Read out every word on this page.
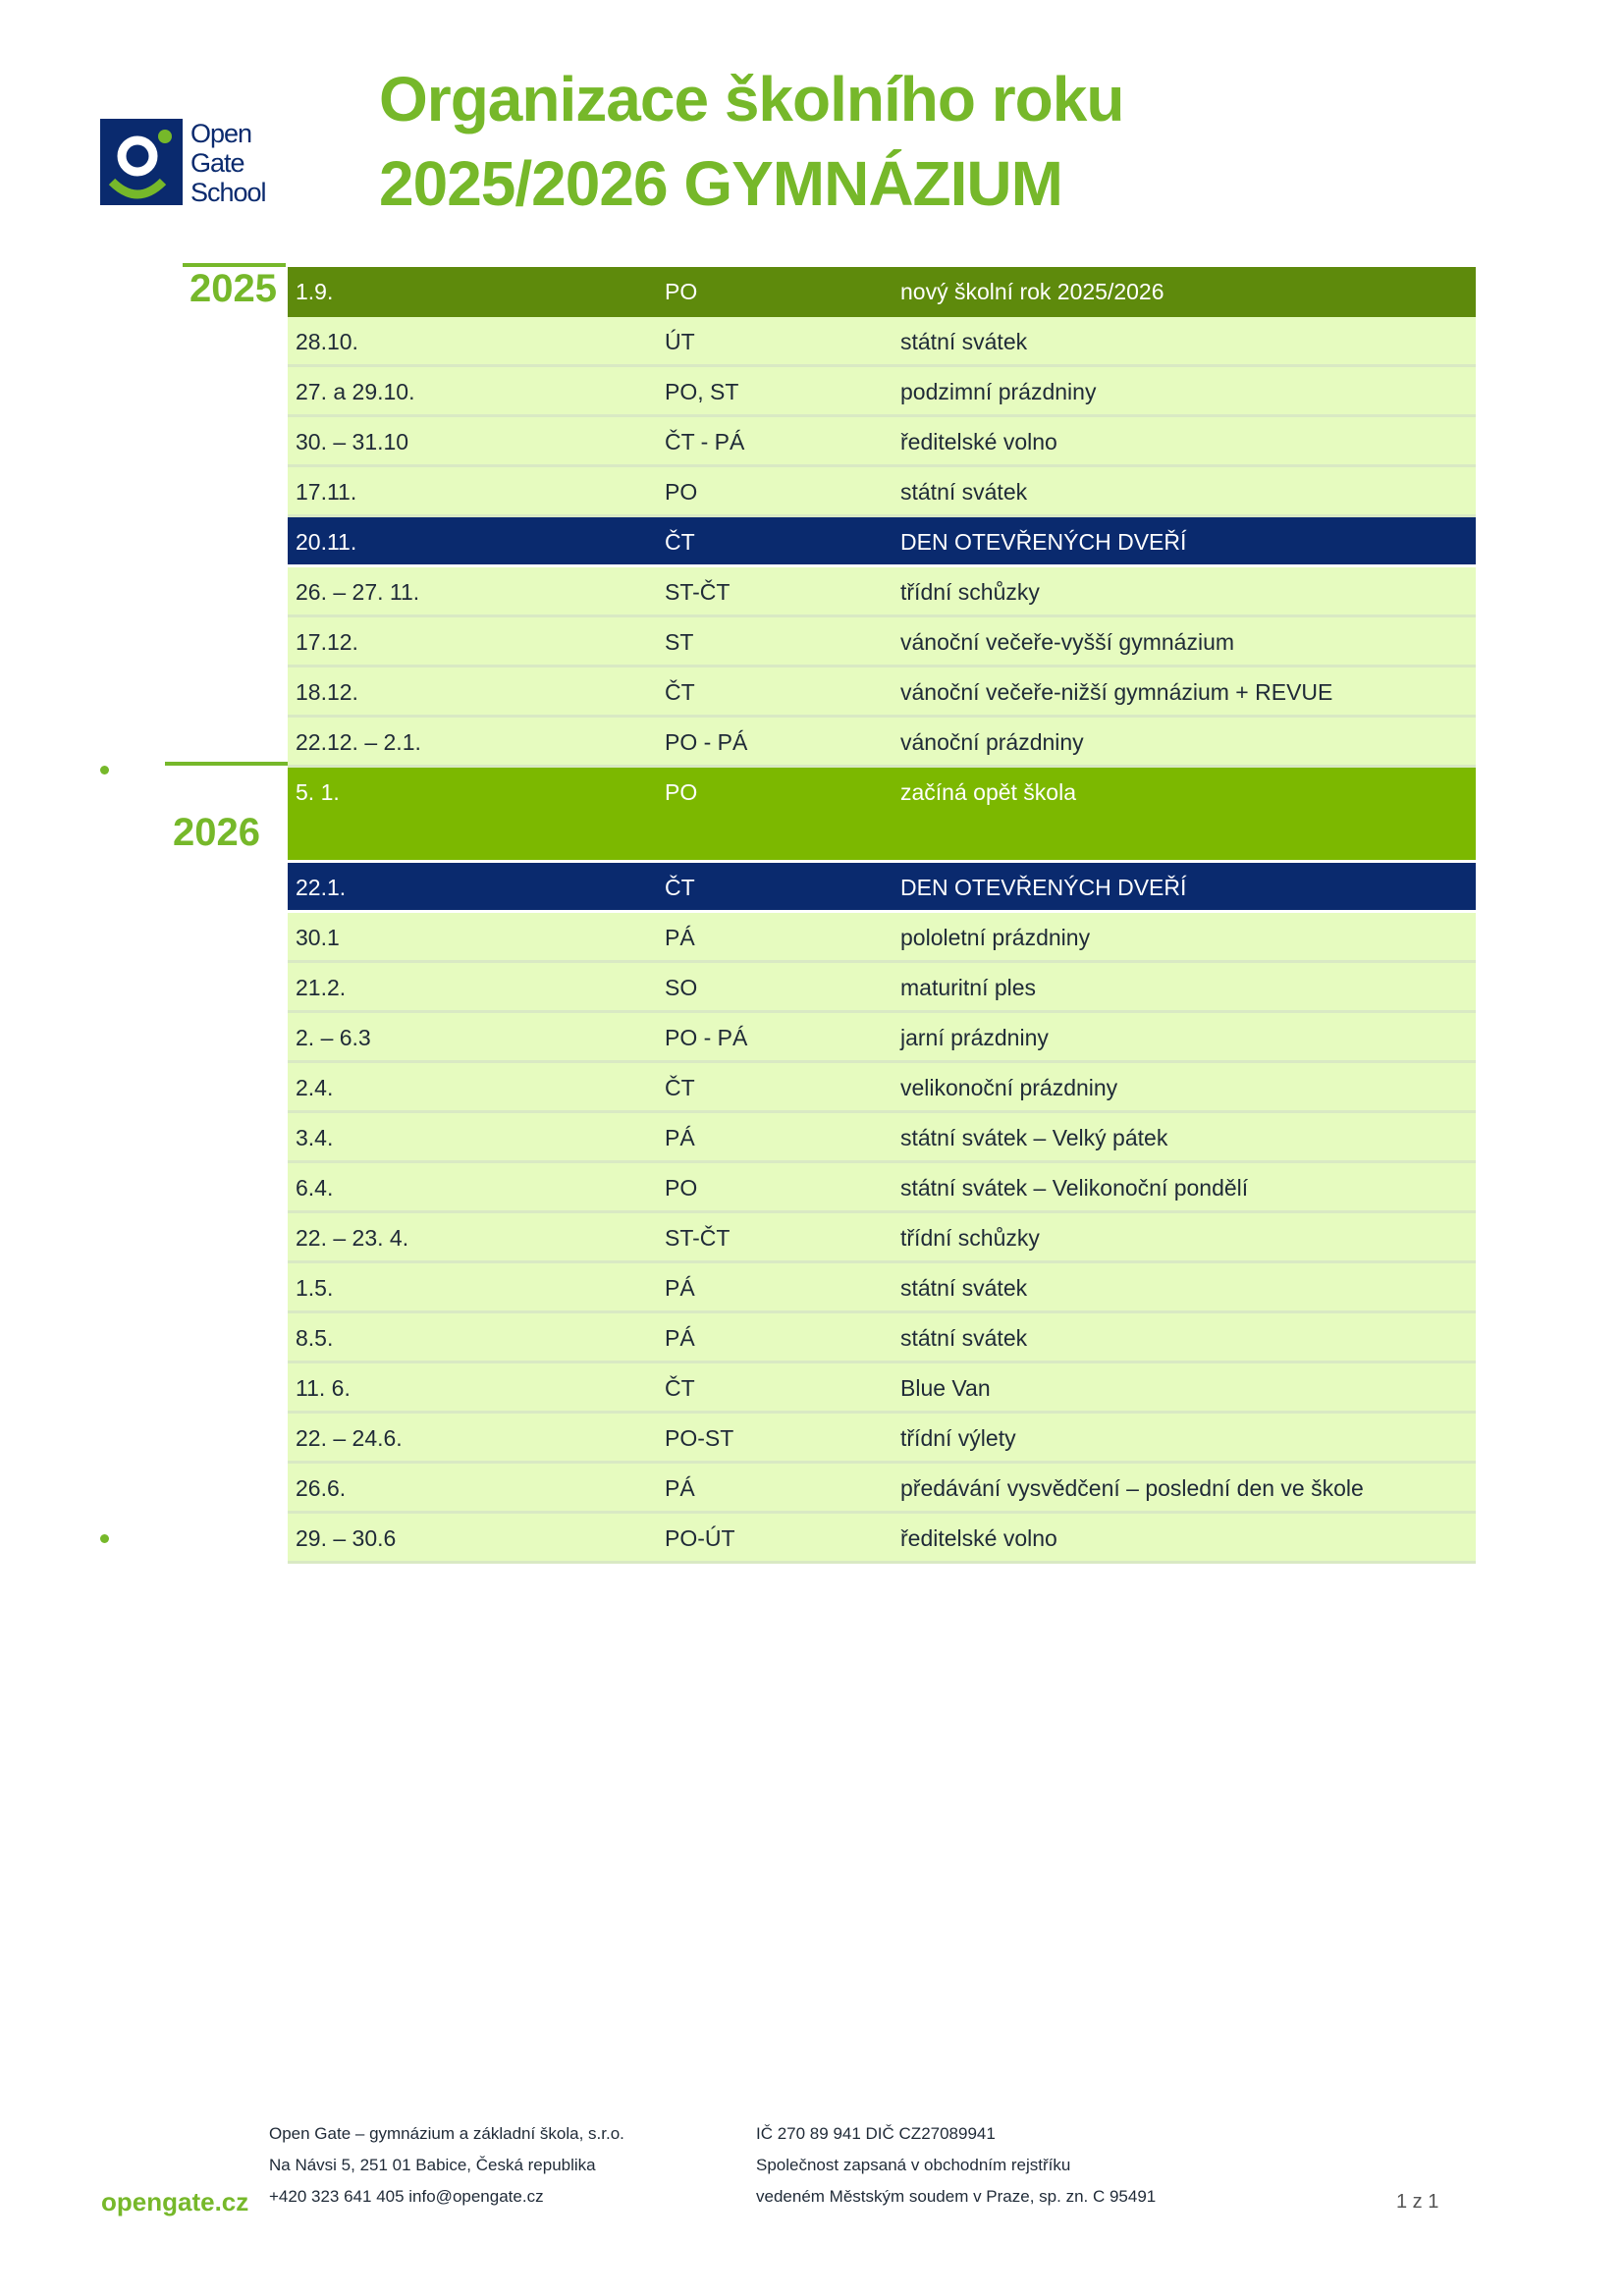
Open
Gate
School
Organizace školního roku
2025/2026 GYMNÁZIUM
2025
2026
1.9.	PO	nový školní rok 2025/2026
28.10.	ÚT	státní svátek
27. a 29.10.	PO, ST	podzimní prázdniny
30. – 31.10	ČT - PÁ	ředitelské volno
17.11.	PO	státní svátek
20.11.	ČT	DEN OTEVŘENÝCH DVEŘÍ
26. – 27. 11.	ST-ČT	třídní schůzky
17.12.	ST	vánoční večeře-vyšší gymnázium
18.12.	ČT	vánoční večeře-nižší gymnázium + REVUE
22.12. – 2.1.	PO - PÁ	vánoční prázdniny
5. 1.	PO	začíná opět škola
22.1.	ČT	DEN OTEVŘENÝCH DVEŘÍ
30.1	PÁ	pololetní prázdniny
21.2.	SO	maturitní ples
2. – 6.3	PO - PÁ	jarní prázdniny
2.4.	ČT	velikonoční prázdniny
3.4.	PÁ	státní svátek – Velký pátek
6.4.	PO	státní svátek – Velikonoční pondělí
22. – 23. 4.	ST-ČT	třídní schůzky
1.5.	PÁ	státní svátek
8.5.	PÁ	státní svátek
11. 6.	ČT	Blue Van
22. – 24.6.	PO-ST	třídní výlety
26.6.	PÁ	předávání vysvědčení – poslední den ve škole
29. – 30.6	PO-ÚT	ředitelské volno
opengate.cz
Open Gate – gymnázium a základní škola, s.r.o.
Na Návsi 5, 251 01 Babice, Česká republika
+420 323 641 405 info@opengate.cz
IČ 270 89 941 DIČ CZ27089941
Společnost zapsaná v obchodním rejstříku
vedeném Městským soudem v Praze, sp. zn. C 95491	1 z 1
